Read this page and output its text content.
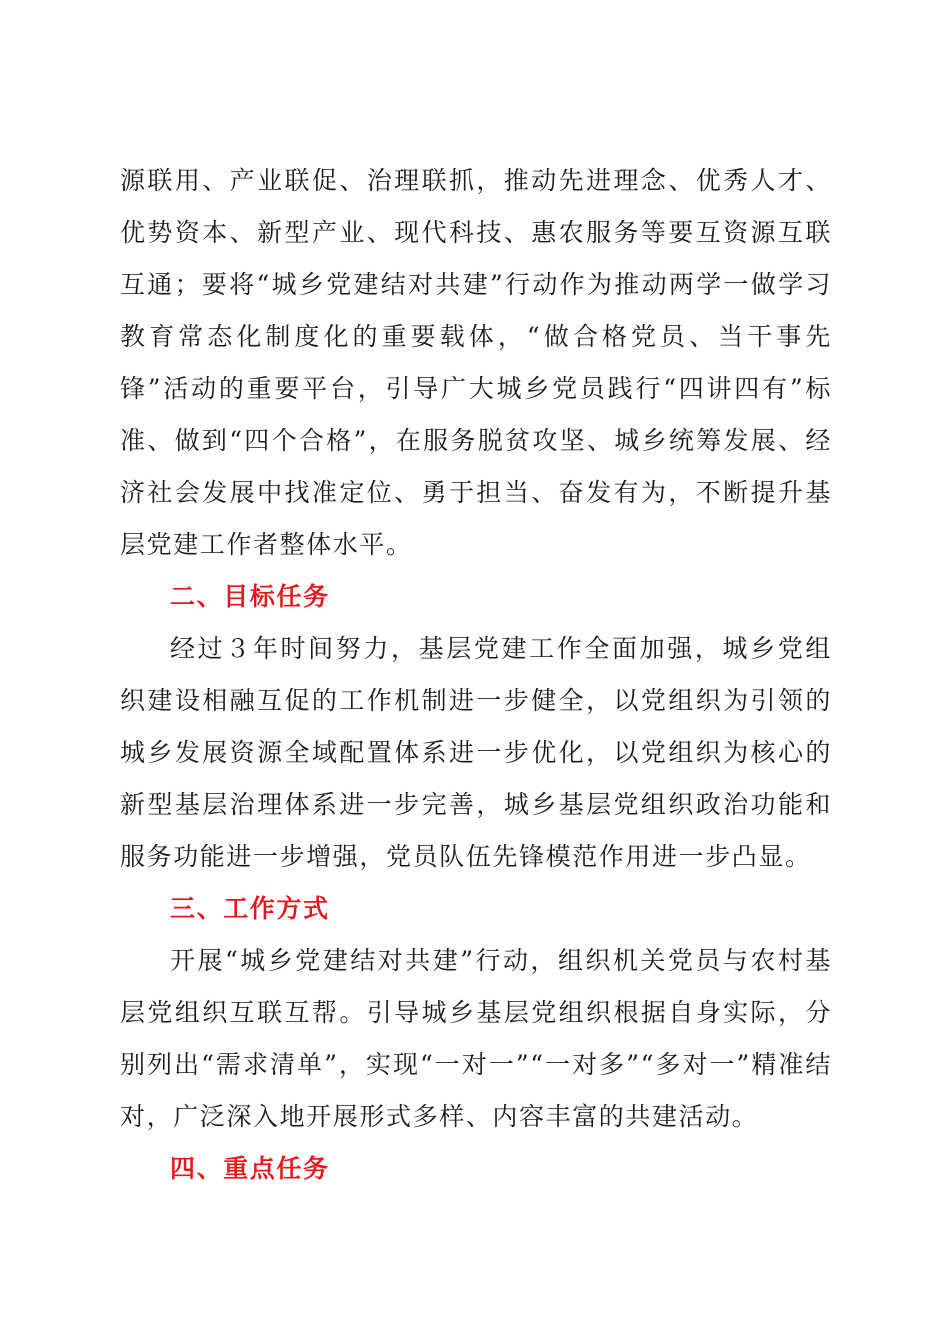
源联用、产业联促、治理联抓，推动先进理念、优秀人才、优势资本、新型产业、现代科技、惠农服务等要互资源互联互通；要将“城乡党建结对共建”行动作为推动两学一做学习教育常态化制度化的重要载体，“做合格党员、当干事先锋”活动的重要平台，引导广大城乡党员践行“四讲四有”标准、做到“四个合格”，在服务脱贫攻坚、城乡统筹发展、经济社会发展中找准定位、勇于担当、奋发有为，不断提升基层党建工作者整体水平。

二、目标任务

经过３年时间努力，基层党建工作全面加强，城乡党组织建设相融互促的工作机制进一步健全，以党组织为引领的城乡发展资源全域配置体系进一步优化，以党组织为核心的新型基层治理体系进一步完善，城乡基层党组织政治功能和服务功能进一步增强，党员队伍先锋模范作用进一步凸显。

三、工作方式

开展“城乡党建结对共建”行动，组织机关党员与农村基层党组织互联互帮。引导城乡基层党组织根据自身实际，分别列出“需求清单”，实现“一对一”“一对多”“多对一”精准结对，广泛深入地开展形式多样、内容丰富的共建活动。

四、重点任务
